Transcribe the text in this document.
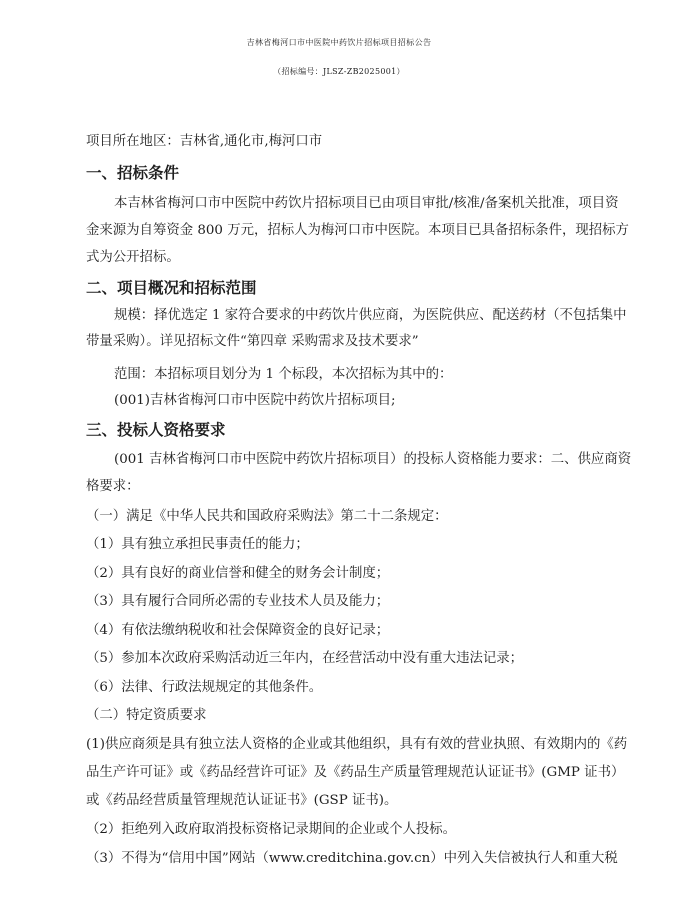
吉林省梅河口市中医院中药饮片招标项目招标公告
（招标编号：JLSZ-ZB2025001）
项目所在地区：吉林省,通化市,梅河口市
一、招标条件
本吉林省梅河口市中医院中药饮片招标项目已由项目审批/核准/备案机关批准，项目资
金来源为自筹资金 800 万元，招标人为梅河口市中医院。本项目已具备招标条件，现招标方
式为公开招标。
二、项目概况和招标范围
规模：择优选定 1 家符合要求的中药饮片供应商，为医院供应、配送药材（不包括集中
带量采购）。详见招标文件“第四章 采购需求及技术要求”
范围：本招标项目划分为 1 个标段，本次招标为其中的：
(001)吉林省梅河口市中医院中药饮片招标项目;
三、投标人资格要求
(001 吉林省梅河口市中医院中药饮片招标项目）的投标人资格能力要求：二、供应商资
格要求：
（一）满足《中华人民共和国政府采购法》第二十二条规定：
（1）具有独立承担民事责任的能力；
（2）具有良好的商业信誉和健全的财务会计制度；
（3）具有履行合同所必需的专业技术人员及能力；
（4）有依法缴纳税收和社会保障资金的良好记录；
（5）参加本次政府采购活动近三年内，在经营活动中没有重大违法记录；
（6）法律、行政法规规定的其他条件。
（二）特定资质要求
(1)供应商须是具有独立法人资格的企业或其他组织，具有有效的营业执照、有效期内的《药
品生产许可证》或《药品经营许可证》及《药品生产质量管理规范认证证书》(GMP 证书）
或《药品经营质量管理规范认证证书》(GSP 证书)。
（2）拒绝列入政府取消投标资格记录期间的企业或个人投标。
（3）不得为“信用中国”网站（www.creditchina.gov.cn）中列入失信被执行人和重大税
